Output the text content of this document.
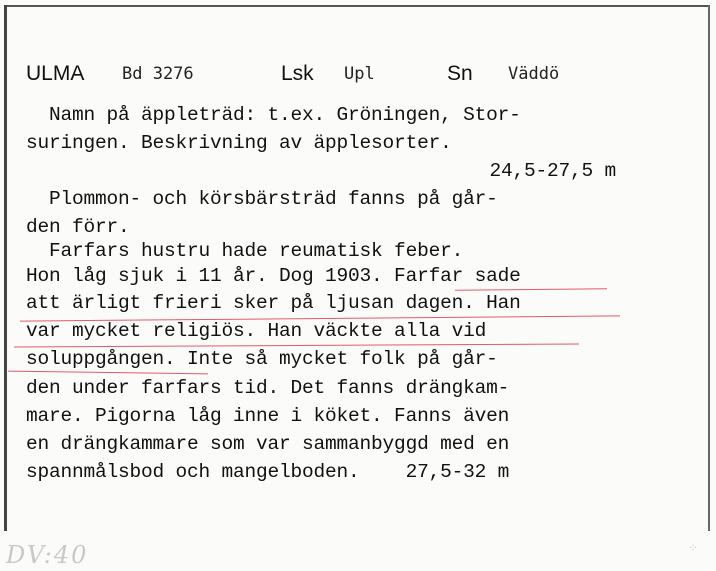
ULMA Bd 3276	Lsk Upl	Sn Väddö
Namn på äppleträd: t.ex. Gröningen, Stor-
suringen. Beskrivning av äpplesorter.
24,5-27,5 m
Plommon- och körsbärsträd fanns på går-
den förr.
Farfars hustru hade reumatisk feber.
Hon låg sjuk i 11 år. Dog 1903. Farfar sade
att ärligt frieri sker på ljusan dagen. Han
var mycket religiös. Han väckte alla vid
soluppgången. Inte så mycket folk på går-
den under farfars tid. Det fanns drängkam-
mare. Pigorna låg inne i köket. Fanns även
en drängkammare som var sammanbyggd med en
spannmålsbod och mangelboden.    27,5-32 m
DV:40	⁘
